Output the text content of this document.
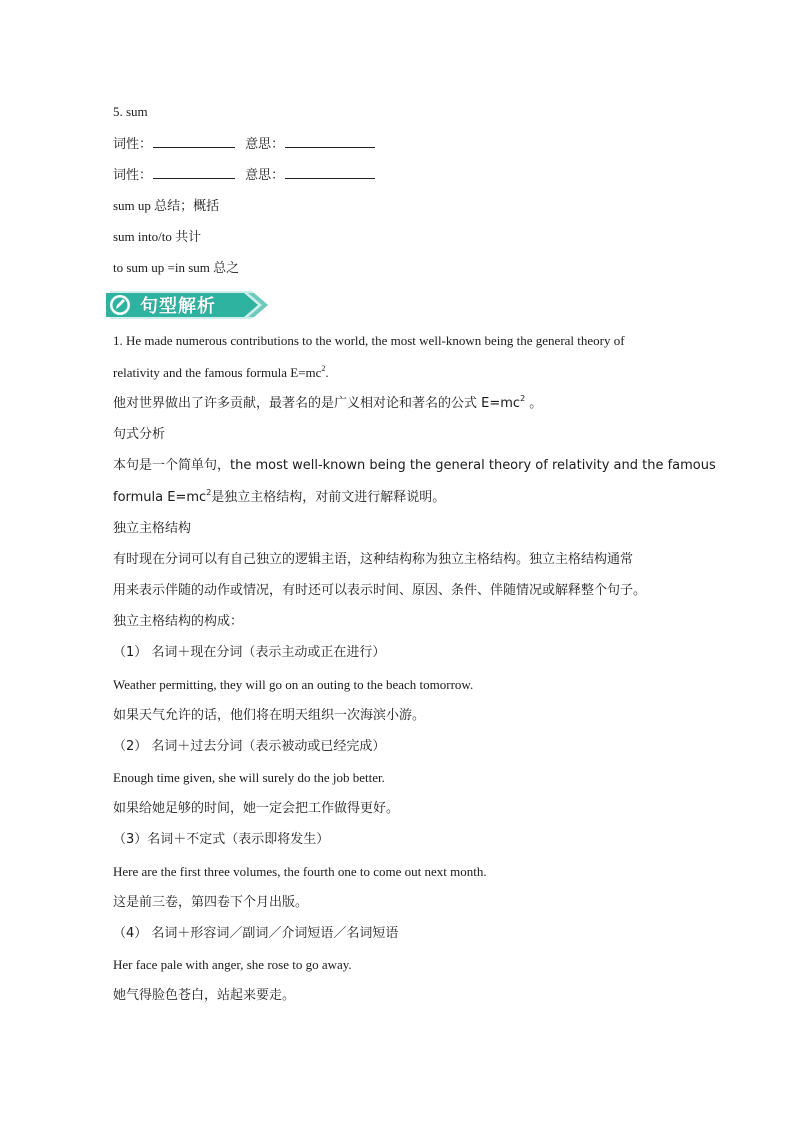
5. sum
词性：	意思：
词性：	意思：
sum up 总结；概括
sum into/to 共计
to sum up =in sum 总之
句型解析
1. He made numerous contributions to the world, the most well-known being the general theory of
relativity and the famous formula $E=mc^2$.
他对世界做出了许多贡献，最著名的是广义相对论和著名的公式 $E=mc^2$ 。
句式分析
本句是一个简单句，the most well-known being the general theory of relativity and the famous
formula $E=mc^2$是独立主格结构，对前文进行解释说明。
独立主格结构
有时现在分词可以有自己独立的逻辑主语，这种结构称为独立主格结构。独立主格结构通常
用来表示伴随的动作或情况，有时还可以表示时间、原因、条件、伴随情况或解释整个句子。
独立主格结构的构成：
（1） 名词＋现在分词（表示主动或正在进行）
Weather permitting, they will go on an outing to the beach tomorrow.
如果天气允许的话，他们将在明天组织一次海滨小游。
（2） 名词＋过去分词（表示被动或已经完成）
Enough time given, she will surely do the job better.
如果给她足够的时间，她一定会把工作做得更好。
（3）名词＋不定式（表示即将发生）
Here are the first three volumes, the fourth one to come out next month.
这是前三卷，第四卷下个月出版。
（4） 名词＋形容词／副词／介词短语／名词短语
Her face pale with anger, she rose to go away.
她气得脸色苍白，站起来要走。
